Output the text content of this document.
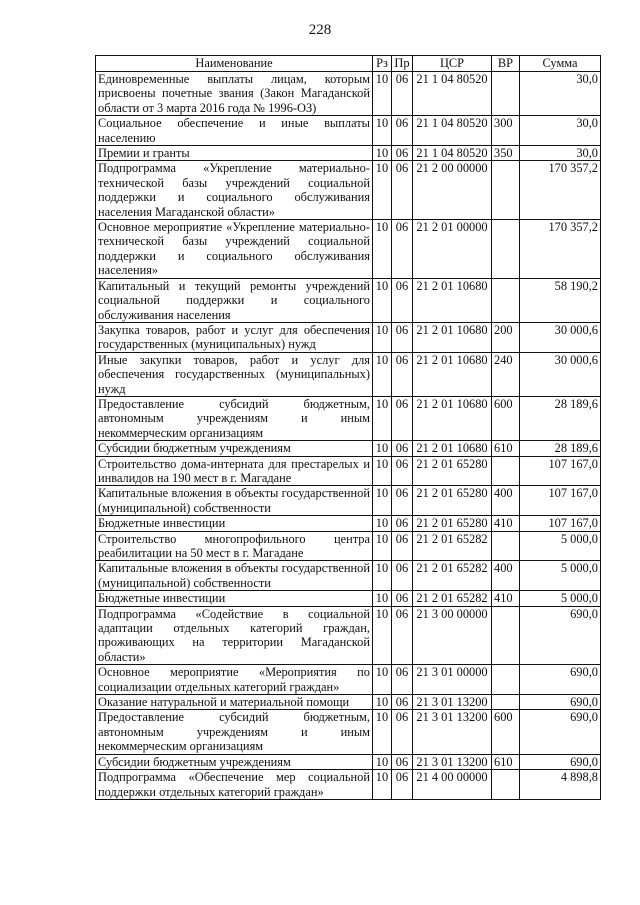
228
Наименование	Рз	Пр	ЦСР	ВР	Сумма
Единовременные выплаты лицам, которым присвоены почетные звания (Закон Магаданской области от 3 марта 2016 года № 1996-ОЗ)	10	06	21 1 04 80520		30,0
Социальное обеспечение и иные выплаты населению	10	06	21 1 04 80520	300	30,0
Премии и гранты	10	06	21 1 04 80520	350	30,0
Подпрограмма «Укрепление материально-технической базы учреждений социальной поддержки и социального обслуживания населения Магаданской области»	10	06	21 2 00 00000		170 357,2
Основное мероприятие «Укрепление материально-технической базы учреждений социальной поддержки и социального обслуживания населения»	10	06	21 2 01 00000		170 357,2
Капитальный и текущий ремонты учреждений социальной поддержки и социального обслуживания населения	10	06	21 2 01 10680		58 190,2
Закупка товаров, работ и услуг для обеспечения государственных (муниципальных) нужд	10	06	21 2 01 10680	200	30 000,6
Иные закупки товаров, работ и услуг для обеспечения государственных (муниципальных) нужд	10	06	21 2 01 10680	240	30 000,6
Предоставление субсидий бюджетным, автономным учреждениям и иным некоммерческим организациям	10	06	21 2 01 10680	600	28 189,6
Субсидии бюджетным учреждениям	10	06	21 2 01 10680	610	28 189,6
Строительство дома-интерната для престарелых и инвалидов на 190 мест в г. Магадане	10	06	21 2 01 65280		107 167,0
Капитальные вложения в объекты государственной (муниципальной) собственности	10	06	21 2 01 65280	400	107 167,0
Бюджетные инвестиции	10	06	21 2 01 65280	410	107 167,0
Строительство многопрофильного центра реабилитации на 50 мест в г. Магадане	10	06	21 2 01 65282		5 000,0
Капитальные вложения в объекты государственной (муниципальной) собственности	10	06	21 2 01 65282	400	5 000,0
Бюджетные инвестиции	10	06	21 2 01 65282	410	5 000,0
Подпрограмма «Содействие в социальной адаптации отдельных категорий граждан, проживающих на территории Магаданской области»	10	06	21 3 00 00000		690,0
Основное мероприятие «Мероприятия по социализации отдельных категорий граждан»	10	06	21 3 01 00000		690,0
Оказание натуральной и материальной помощи	10	06	21 3 01 13200		690,0
Предоставление субсидий бюджетным, автономным учреждениям и иным некоммерческим организациям	10	06	21 3 01 13200	600	690,0
Субсидии бюджетным учреждениям	10	06	21 3 01 13200	610	690,0
Подпрограмма «Обеспечение мер социальной поддержки отдельных категорий граждан»	10	06	21 4 00 00000		4 898,8
